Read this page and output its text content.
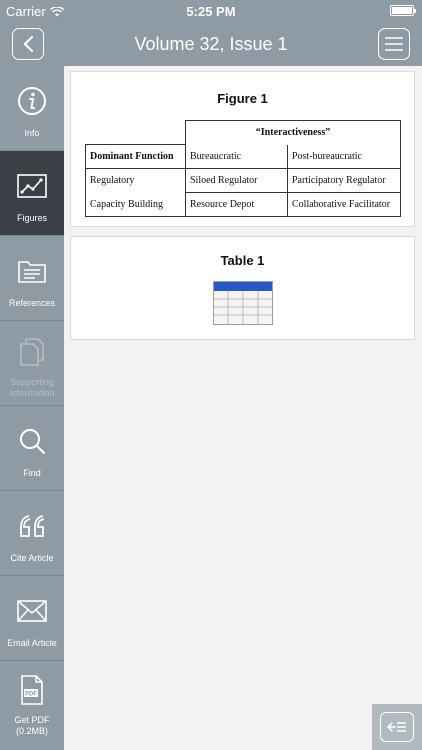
Carrier	5:25 PM
Volume 32, Issue 1
Info
Figures
References
Supporting Information
Find
Cite Article
Email Article
PDF
Get PDF (0.2MB)
Figure 1
	“Interactiveness”	
Dominant Function	Bureaucratic	Post-bureaucratic
Regulatory	Siloed Regulator	Participatory Regulator
Capacity Building	Resource Depot	Collaborative Facilitator
Table 1
